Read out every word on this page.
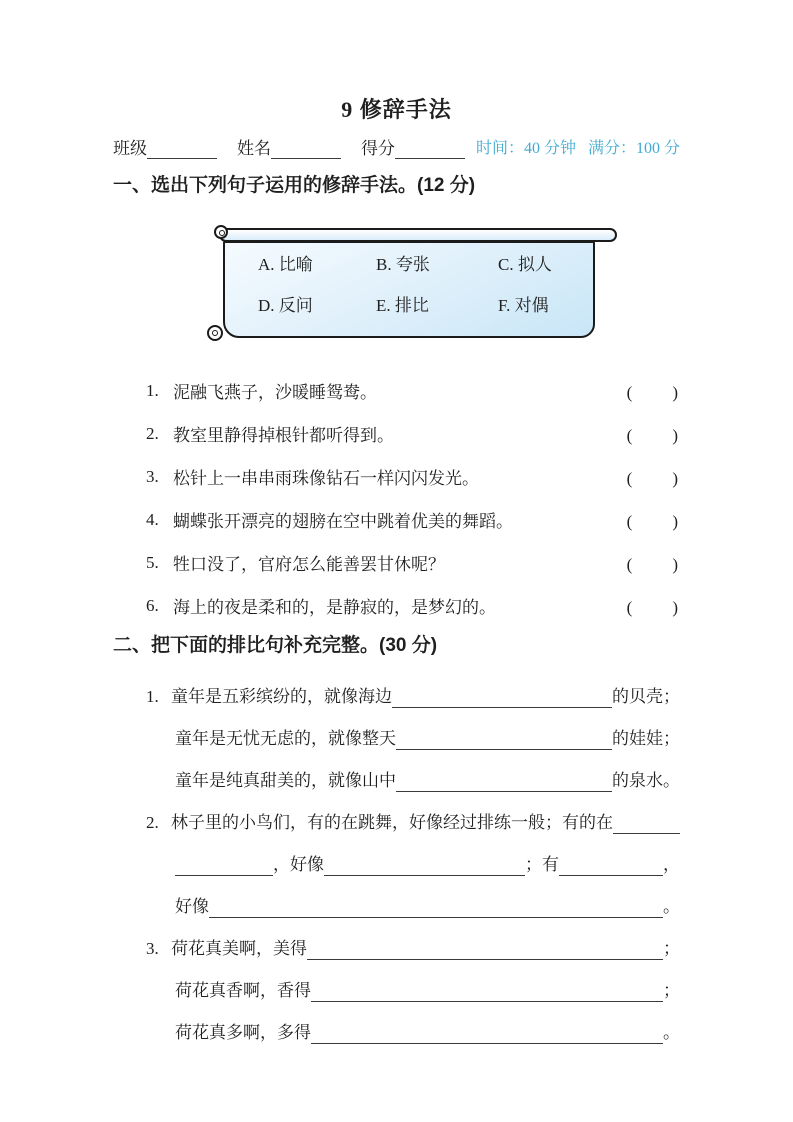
9 修辞手法
班级	姓名	得分	时间：40 分钟 满分：100 分
一、选出下列句子运用的修辞手法。(12 分)
A. 比喻	B. 夸张	C. 拟人
D. 反问	E. 排比	F. 对偶
1. 泥融飞燕子，沙暖睡鸳鸯。	(　　)
2. 教室里静得掉根针都听得到。	(　　)
3. 松针上一串串雨珠像钻石一样闪闪发光。	(　　)
4. 蝴蝶张开漂亮的翅膀在空中跳着优美的舞蹈。	(　　)
5. 牲口没了，官府怎么能善罢甘休呢？	(　　)
6. 海上的夜是柔和的，是静寂的，是梦幻的。	(　　)
二、把下面的排比句补充完整。(30 分)
1. 童年是五彩缤纷的，就像海边	的贝壳；
童年是无忧无虑的，就像整天	的娃娃；
童年是纯真甜美的，就像山中	的泉水。
2. 林子里的小鸟们，有的在跳舞，好像经过排练一般；有的在
，好像	；有	，
好像	。
3. 荷花真美啊，美得	；
荷花真香啊，香得	；
荷花真多啊，多得	。
